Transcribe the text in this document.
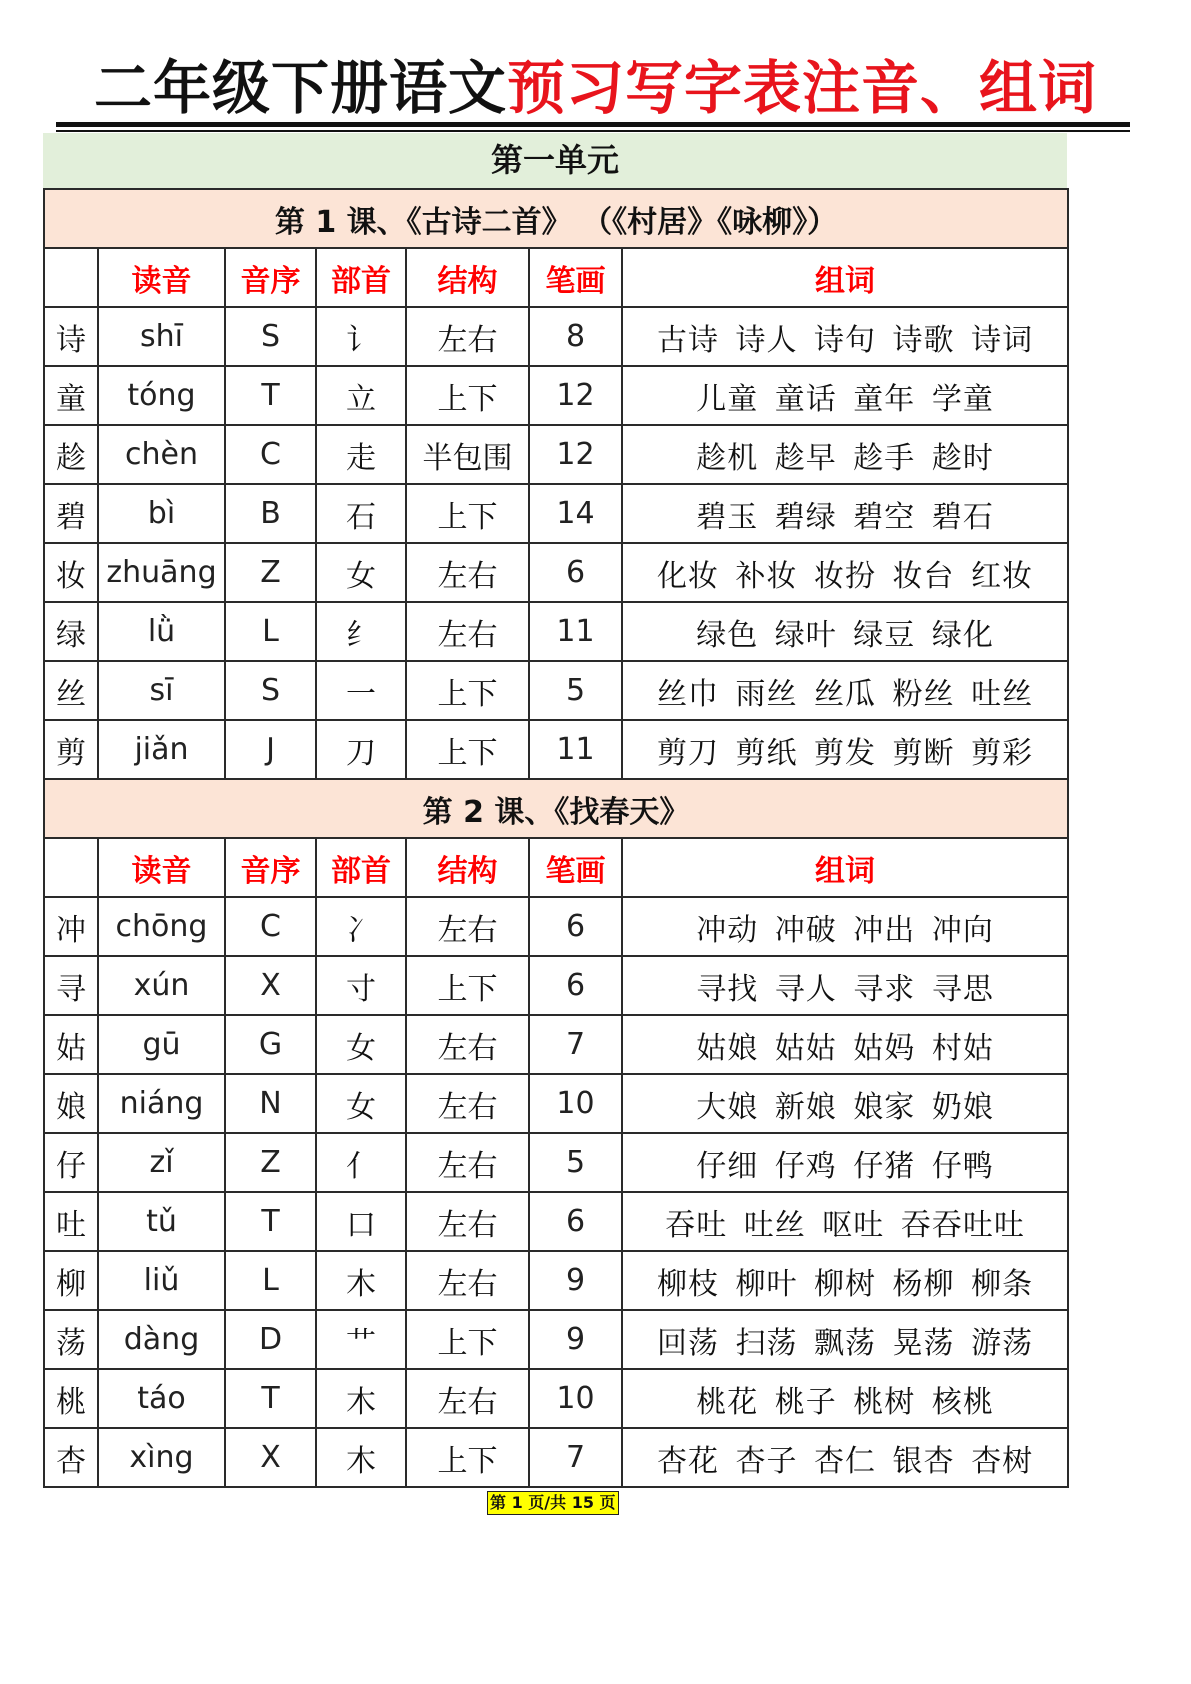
二年级下册语文预习写字表注音、组词
第一单元
第 1 课、《古诗二首》 （《村居》《咏柳》）						
	读音	音序	部首	结构	笔画	组词
诗	shī	S	讠	左右	8	古诗 诗人 诗句 诗歌 诗词
童	tóng	T	立	上下	12	儿童 童话 童年 学童
趁	chèn	C	走	半包围	12	趁机 趁早 趁手 趁时
碧	bì	B	石	上下	14	碧玉 碧绿 碧空 碧石
妆	zhuāng	Z	女	左右	6	化妆 补妆 妆扮 妆台 红妆
绿	lǜ	L	纟	左右	11	绿色 绿叶 绿豆 绿化
丝	sī	S	一	上下	5	丝巾 雨丝 丝瓜 粉丝 吐丝
剪	jiǎn	J	刀	上下	11	剪刀 剪纸 剪发 剪断 剪彩
第 2 课、《找春天》						
	读音	音序	部首	结构	笔画	组词
冲	chōng	C	冫	左右	6	冲动 冲破 冲出 冲向
寻	xún	X	寸	上下	6	寻找 寻人 寻求 寻思
姑	gū	G	女	左右	7	姑娘 姑姑 姑妈 村姑
娘	niáng	N	女	左右	10	大娘 新娘 娘家 奶娘
仔	zǐ	Z	亻	左右	5	仔细 仔鸡 仔猪 仔鸭
吐	tǔ	T	口	左右	6	吞吐 吐丝 呕吐 吞吞吐吐
柳	liǔ	L	木	左右	9	柳枝 柳叶 柳树 杨柳 柳条
荡	dàng	D	艹	上下	9	回荡 扫荡 飘荡 晃荡 游荡
桃	táo	T	木	左右	10	桃花 桃子 桃树 核桃
杏	xìng	X	木	上下	7	杏花 杏子 杏仁 银杏 杏树
第 1 页/共 15 页
